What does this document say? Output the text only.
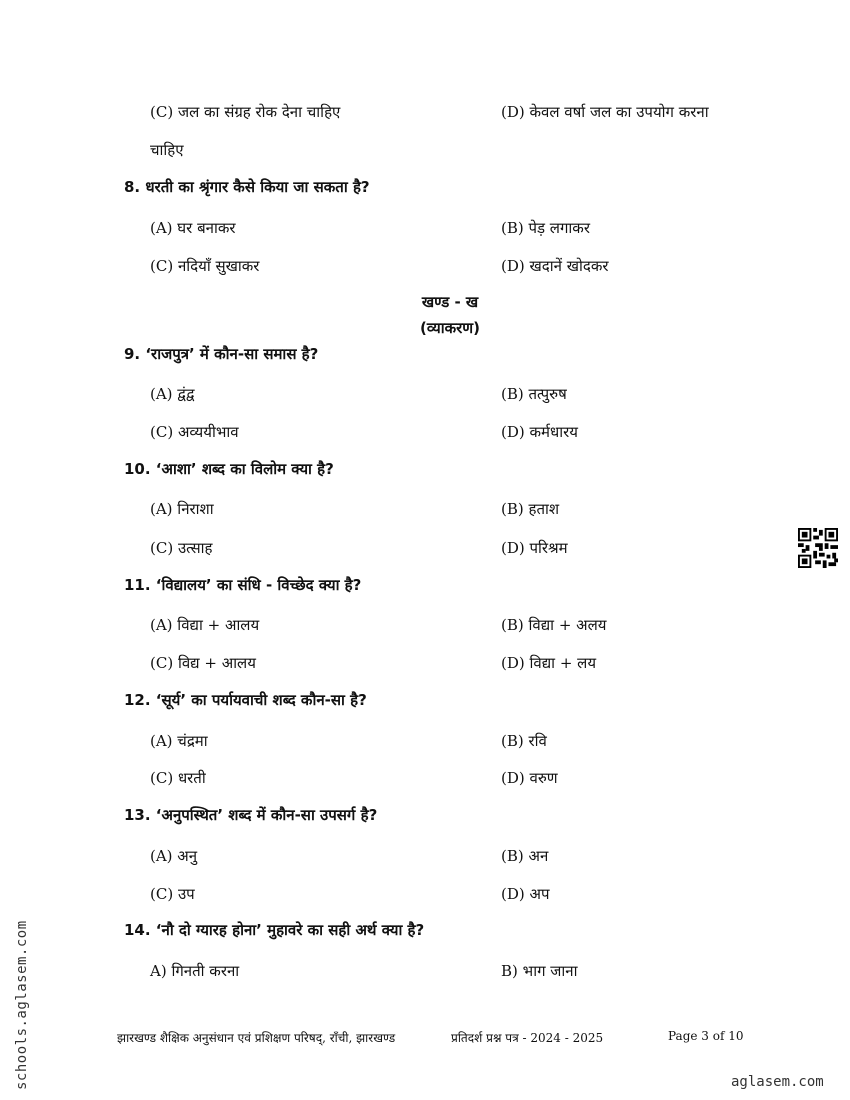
(C) जल का संग्रह रोक देना चाहिए	(D) केवल वर्षा जल का उपयोग करना
चाहिए
8. धरती का श्रृंगार कैसे किया जा सकता है?
(A) घर बनाकर	(B) पेड़ लगाकर
(C) नदियाँ सुखाकर	(D) खदानें खोदकर
खण्ड - ख
(व्याकरण)
9. ‘राजपुत्र’ में कौन-सा समास है?
(A) द्वंद्व	(B) तत्पुरुष
(C) अव्ययीभाव	(D) कर्मधारय
10. ‘आशा’ शब्द का विलोम क्या है?
(A) निराशा	(B) हताश
(C) उत्साह	(D) परिश्रम
11. ‘विद्यालय’ का संधि - विच्छेद क्या है?
(A) विद्या + आलय	(B) विद्या + अलय
(C) विद्य + आलय	(D) विद्या + लय
12. ‘सूर्य’ का पर्यायवाची शब्द कौन-सा है?
(A) चंद्रमा	(B) रवि
(C) धरती	(D) वरुण
13. ‘अनुपस्थित’ शब्द में कौन-सा उपसर्ग है?
(A) अनु	(B) अन
(C) उप	(D) अप
14. ‘नौ दो ग्यारह होना’ मुहावरे का सही अर्थ क्या है?
A) गिनती करना	B) भाग जाना
झारखण्ड शैक्षिक अनुसंधान एवं प्रशिक्षण परिषद्, राँची, झारखण्ड	प्रतिदर्श प्रश्न पत्र - 2024 - 2025	Page 3 of 10
schools.aglasem.com	aglasem.com
